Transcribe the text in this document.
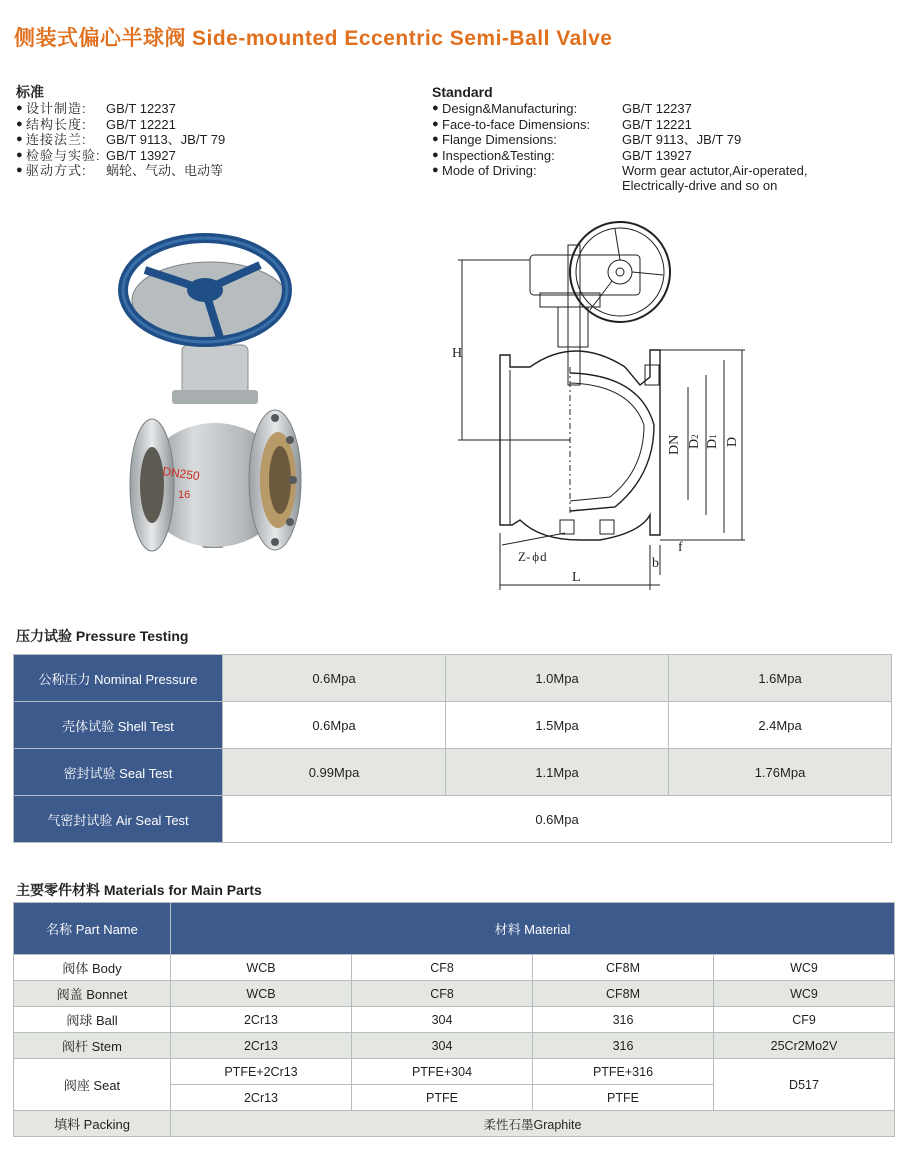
侧装式偏心半球阀 Side-mounted Eccentric Semi-Ball Valve
标准
● 设计制造:	GB/T 12237
● 结构长度:	GB/T 12221
● 连接法兰:	GB/T 9113、JB/T 79
● 检验与实验: GB/T 13927
● 驱动方式:	蜗轮、气动、电动等
Standard
● Design&Manufacturing:	GB/T 12237
● Face-to-face Dimensions:	GB/T 12221
● Flange Dimensions:	GB/T 9113、JB/T 79
● Inspection&Testing:	GB/T 13927
● Mode of Driving:	Worm gear actutor,Air-operated,
Electrically-drive and so on
DN250
16
H
DN D2
D1
D
f
b
L
Z- ϕd
压力试验 Pressure Testing
公称压力 Nominal Pressure	0.6Mpa	1.0Mpa	1.6Mpa
壳体试验 Shell Test	0.6Mpa	1.5Mpa	2.4Mpa
密封试验 Seal Test	0.99Mpa	1.1Mpa	1.76Mpa
气密封试验 Air Seal Test	0.6Mpa		
主要零件材料 Materials for Main Parts
名称 Part Name	材料 Material			
阀体 Body	WCB	CF8	CF8M	WC9
阀盖 Bonnet	WCB	CF8	CF8M	WC9
阀球 Ball	2Cr13	304	316	CF9
阀杆 Stem	2Cr13	304	316	25Cr2Mo2V
阀座 Seat	PTFE+2Cr13	PTFE+304	PTFE+316	D517
	2Cr13	PTFE	PTFE	
填料 Packing	柔性石墨Graphite			
